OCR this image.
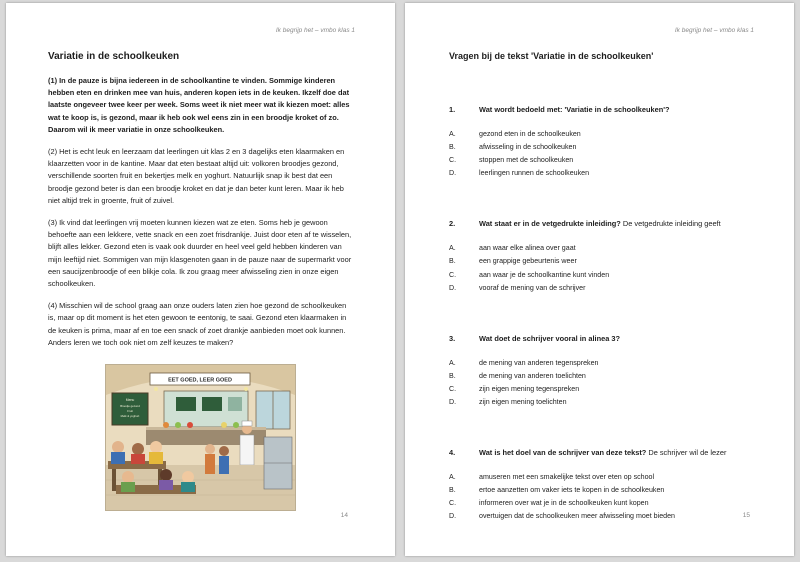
Ik begrijp het – vmbo klas 1
Variatie in de schoolkeuken

(1) In de pauze is bijna iedereen in de schoolkantine te vinden. Sommige kinderen hebben eten en drinken mee van huis, anderen kopen iets in de keuken. Ikzelf doe dat laatste ongeveer twee keer per week. Soms weet ik niet meer wat ik kiezen moet: alles wat te koop is, is gezond, maar ik heb ook wel eens zin in een broodje kroket of zo. Daarom wil ik meer variatie in onze schoolkeuken.

(2) Het is echt leuk en leerzaam dat leerlingen uit klas 2 en 3 dagelijks eten klaarmaken en klaarzetten voor in de kantine. Maar dat eten bestaat altijd uit: volkoren broodjes gezond, verschillende soorten fruit en bekertjes melk en yoghurt. Natuurlijk snap ik best dat een broodje gezond beter is dan een broodje kroket en dat je dan beter kunt leren. Maar ik heb niet altijd trek in groente, fruit of zuivel.

(3) Ik vind dat leerlingen vrij moeten kunnen kiezen wat ze eten. Soms heb je gewoon behoefte aan een lekkere, vette snack en een zoet frisdrankje. Juist door eten af te wisselen, blijft alles lekker. Gezond eten is vaak ook duurder en heel veel geld hebben kinderen van mijn leeftijd niet. Sommigen van mijn klasgenoten gaan in de pauze naar de supermarkt voor een saucijzenbroodje of een blikje cola. Ik zou graag meer afwisseling zien in onze eigen schoolkeuken.

(4) Misschien wil de school graag aan onze ouders laten zien hoe gezond de schoolkeuken is, maar op dit moment is het eten gewoon te eentonig, te saai. Gezond eten klaarmaken in de keuken is prima, maar af en toe een snack of zoet drankje aanbieden moet ook kunnen. Anders leren we toch ook niet om zelf keuzes te maken?

EET GOED, LEER GOED
Menu
Broodje gezond
Fruit
Melk & yoghurt
14
Ik begrijp het – vmbo klas 1
Vragen bij de tekst 'Variatie in de schoolkeuken'
1.	Wat wordt bedoeld met: 'Variatie in de schoolkeuken'?
A.	gezond eten in de schoolkeuken
B.	afwisseling in de schoolkeuken
C.	stoppen met de schoolkeuken
D.	leerlingen runnen de schoolkeuken
2.	Wat staat er in de vetgedrukte inleiding? De vetgedrukte inleiding geeft
A.	aan waar elke alinea over gaat
B.	een grappige gebeurtenis weer
C.	aan waar je de schoolkantine kunt vinden
D.	vooraf de mening van de schrijver
3.	Wat doet de schrijver vooral in alinea 3?
A.	de mening van anderen tegenspreken
B.	de mening van anderen toelichten
C.	zijn eigen mening tegenspreken
D.	zijn eigen mening toelichten
4.	Wat is het doel van de schrijver van deze tekst? De schrijver wil de lezer
A.	amuseren met een smakelijke tekst over eten op school
B.	ertoe aanzetten om vaker iets te kopen in de schoolkeuken
C.	informeren over wat je in de schoolkeuken kunt kopen
D.	overtuigen dat de schoolkeuken meer afwisseling moet bieden	15
